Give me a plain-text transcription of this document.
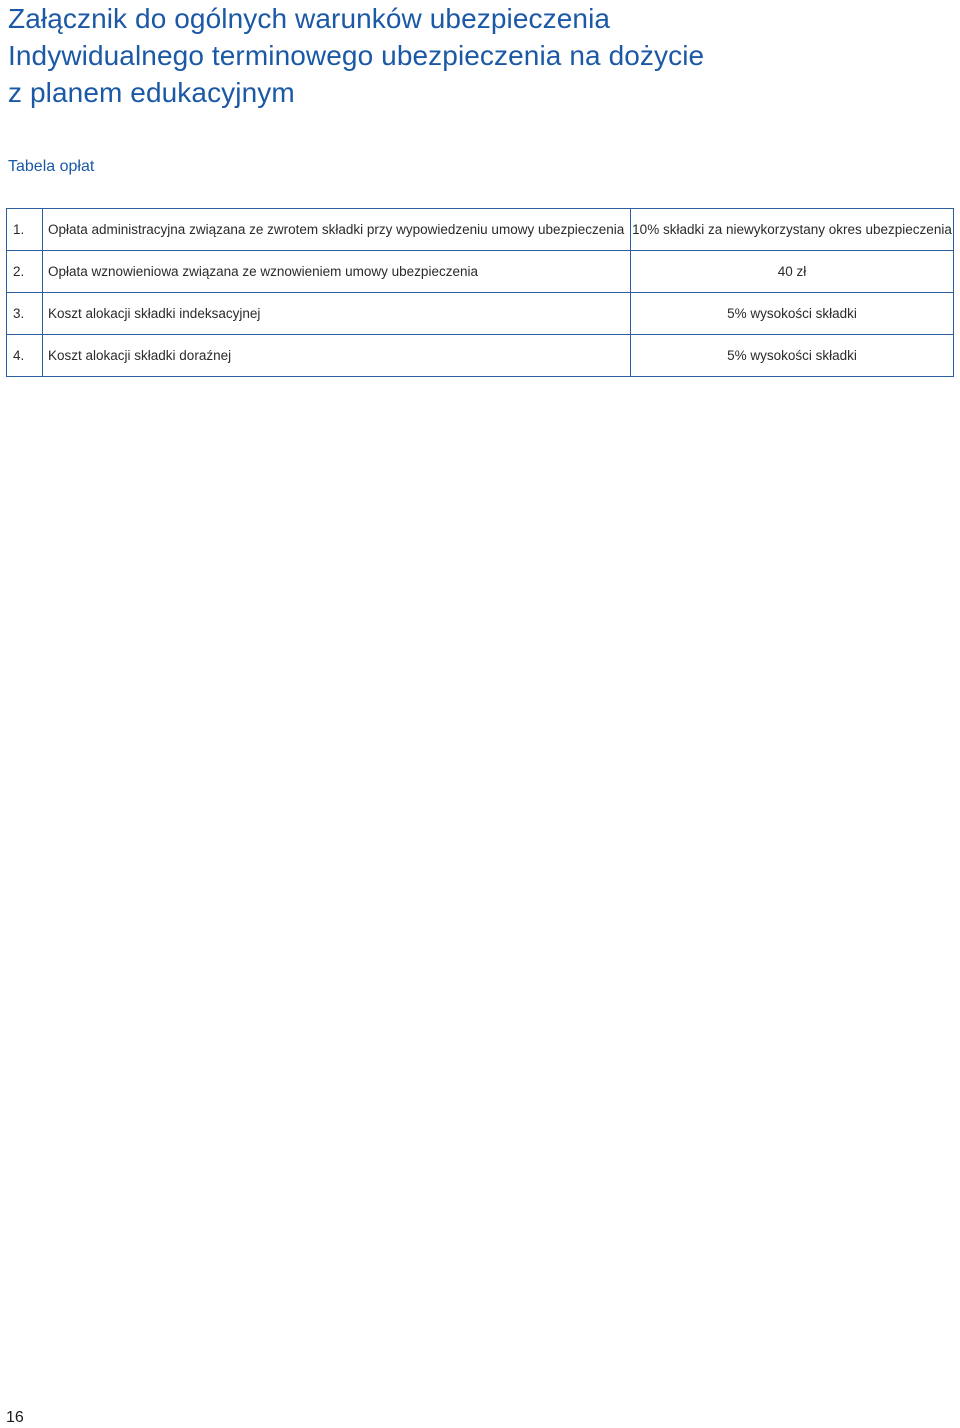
Załącznik do ogólnych warunków ubezpieczenia
Indywidualnego terminowego ubezpieczenia na dożycie
z planem edukacyjnym
Tabela opłat
1.	Opłata administracyjna związana ze zwrotem składki przy wypowiedzeniu umowy ubezpieczenia	10% składki za niewykorzystany okres ubezpieczenia
2.	Opłata wznowieniowa związana ze wznowieniem umowy ubezpieczenia	40 zł
3.	Koszt alokacji składki indeksacyjnej	5% wysokości składki
4.	Koszt alokacji składki doraźnej	5% wysokości składki
16
